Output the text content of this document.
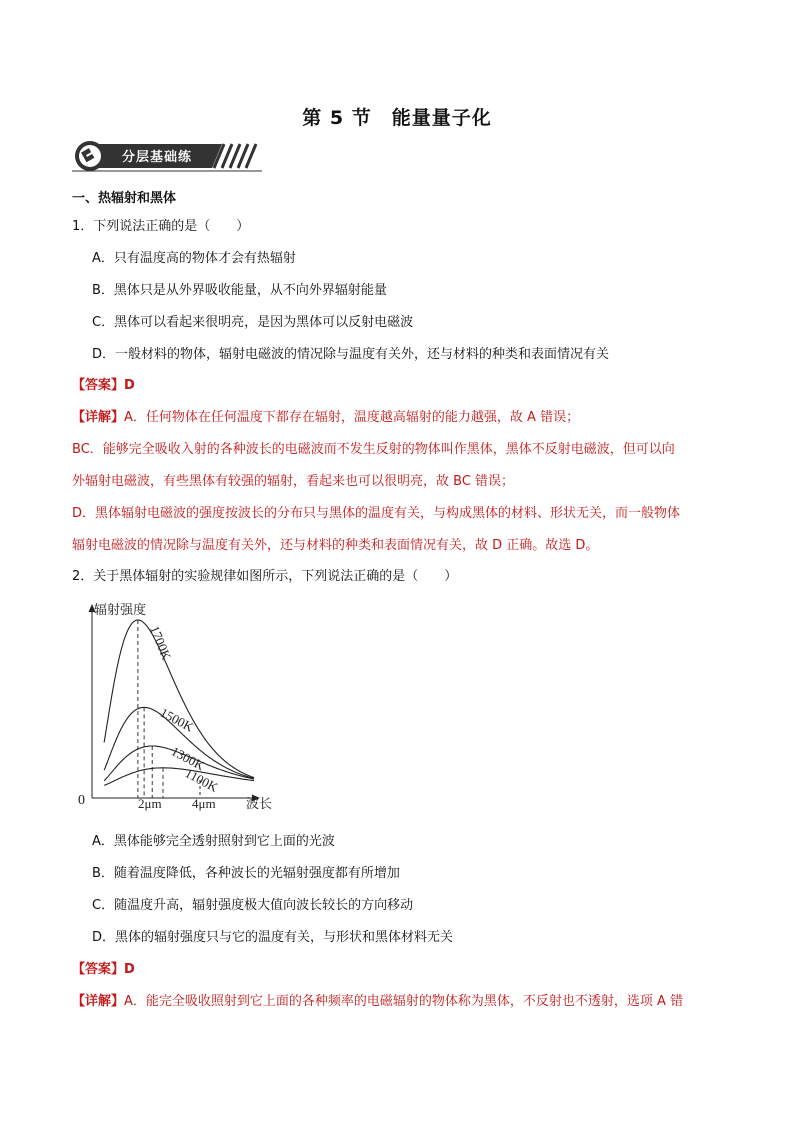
第 5 节　能量量子化
分层基础练
一、热辐射和黑体
1．下列说法正确的是（　　）
A．只有温度高的物体才会有热辐射
B．黑体只是从外界吸收能量，从不向外界辐射能量
C．黑体可以看起来很明亮，是因为黑体可以反射电磁波
D．一般材料的物体，辐射电磁波的情况除与温度有关外，还与材料的种类和表面情况有关
【答案】D
【详解】A．任何物体在任何温度下都存在辐射，温度越高辐射的能力越强，故 A 错误；
BC．能够完全吸收入射的各种波长的电磁波而不发生反射的物体叫作黑体，黑体不反射电磁波，但可以向
外辐射电磁波，有些黑体有较强的辐射，看起来也可以很明亮，故 BC 错误；
D．黑体辐射电磁波的强度按波长的分布只与黑体的温度有关，与构成黑体的材料、形状无关，而一般物体
辐射电磁波的情况除与温度有关外，还与材料的种类和表面情况有关，故 D 正确。故选 D。
2．关于黑体辐射的实验规律如图所示，下列说法正确的是（　　）
辐射强度
波长
0	2μm 4μm
1700K
1500K
1300K
1100K
A．黑体能够完全透射照射到它上面的光波
B．随着温度降低，各种波长的光辐射强度都有所增加
C．随温度升高，辐射强度极大值向波长较长的方向移动
D．黑体的辐射强度只与它的温度有关，与形状和黑体材料无关
【答案】D
【详解】A．能完全吸收照射到它上面的各种频率的电磁辐射的物体称为黑体，不反射也不透射，选项 A 错
